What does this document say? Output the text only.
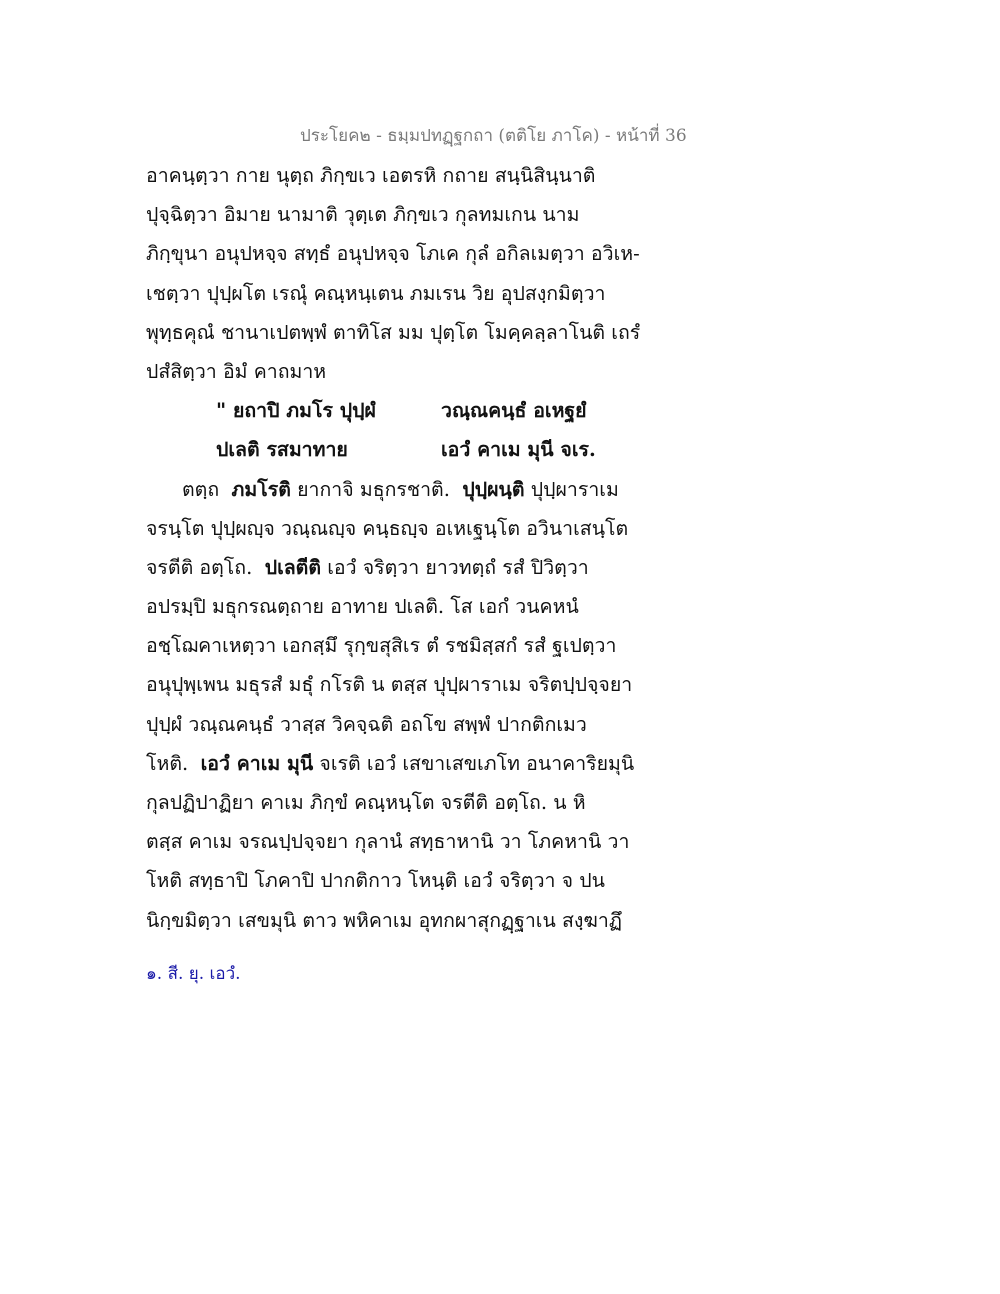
ประโยค๒ - ธมฺมปทฏฺฐกถา (ตติโย ภาโค) - หน้าที่ 36
อาคนฺตฺวา กาย นุตฺถ ภิกฺขเว เอตรหิ กถาย สนฺนิสินฺนาติ
ปุจฺฉิตฺวา อิมาย นามาติ วุตฺเต ภิกฺขเว กุลทมเกน นาม
ภิกฺขุนา อนุปหจฺจ สทฺธํ อนุปหจฺจ โภเค กุลํ อกิลเมตฺวา อวิเห-
เชตฺวา ปุปฺผโต เรณุํ คณฺหนฺเตน ภมเรน วิย อุปสงฺกมิตฺวา
พุทฺธคุณํ ชานาเปตพฺพํ ตาทิโส มม ปุตฺโต โมคฺคลฺลาโนติ เถรํ
ปสํสิตฺวา อิมํ คาถมาห
" ยถาปิ ภมโร ปุปฺผํ	วณฺณคนฺธํ อเหฐยํ
ปเลติ รสมาทาย	เอวํ คาเม มุนี จเร.
ตตฺถ ภมโรติ ยากาจิ มธุกรชาติ. ปุปฺผนฺติ ปุปฺผาราเม
จรนฺโต ปุปฺผญฺจ วณฺณญฺจ คนฺธญฺจ อเหเฐนฺโต อวินาเสนฺโต
จรตีติ อตฺโถ. ปเลตีติ เอวํ จริตฺวา ยาวทตฺถํ รสํ ปิวิตฺวา
อปรมฺปิ มธุกรณตฺถาย อาทาย ปเลติ. โส เอกํ วนคหนํ
อชฺโฌคาเหตฺวา เอกสฺมึ รุกฺขสุสิเร ตํ รชมิสฺสกํ รสํ ฐเปตฺวา
อนุปุพฺเพน มธุรสํ มธุํ กโรติ น ตสฺส ปุปฺผาราเม จริตปฺปจฺจยา
ปุปฺผํ วณฺณคนฺธํ วาสฺส วิคจฺฉติ อถโข สพฺพํ ปากติกเมว
โหติ. เอวํ คาเม มุนี จเรติ เอวํ เสขาเสขเภโท อนาคาริยมุนิ
กุลปฏิปาฏิยา คาเม ภิกฺขํ คณฺหนฺโต จรตีติ อตฺโถ. น หิ
ตสฺส คาเม จรณปฺปจฺจยา กุลานํ สทฺธาหานิ วา โภคหานิ วา
โหติ สทฺธาปิ โภคาปิ ปากติกาว โหนฺติ เอวํ จริตฺวา จ ปน
นิกฺขมิตฺวา เสขมุนิ ตาว พหิคาเม อุทกผาสุกฏฺฐาเน สงฺฆาฏึ
๑. สี. ยุ. เอวํ.
